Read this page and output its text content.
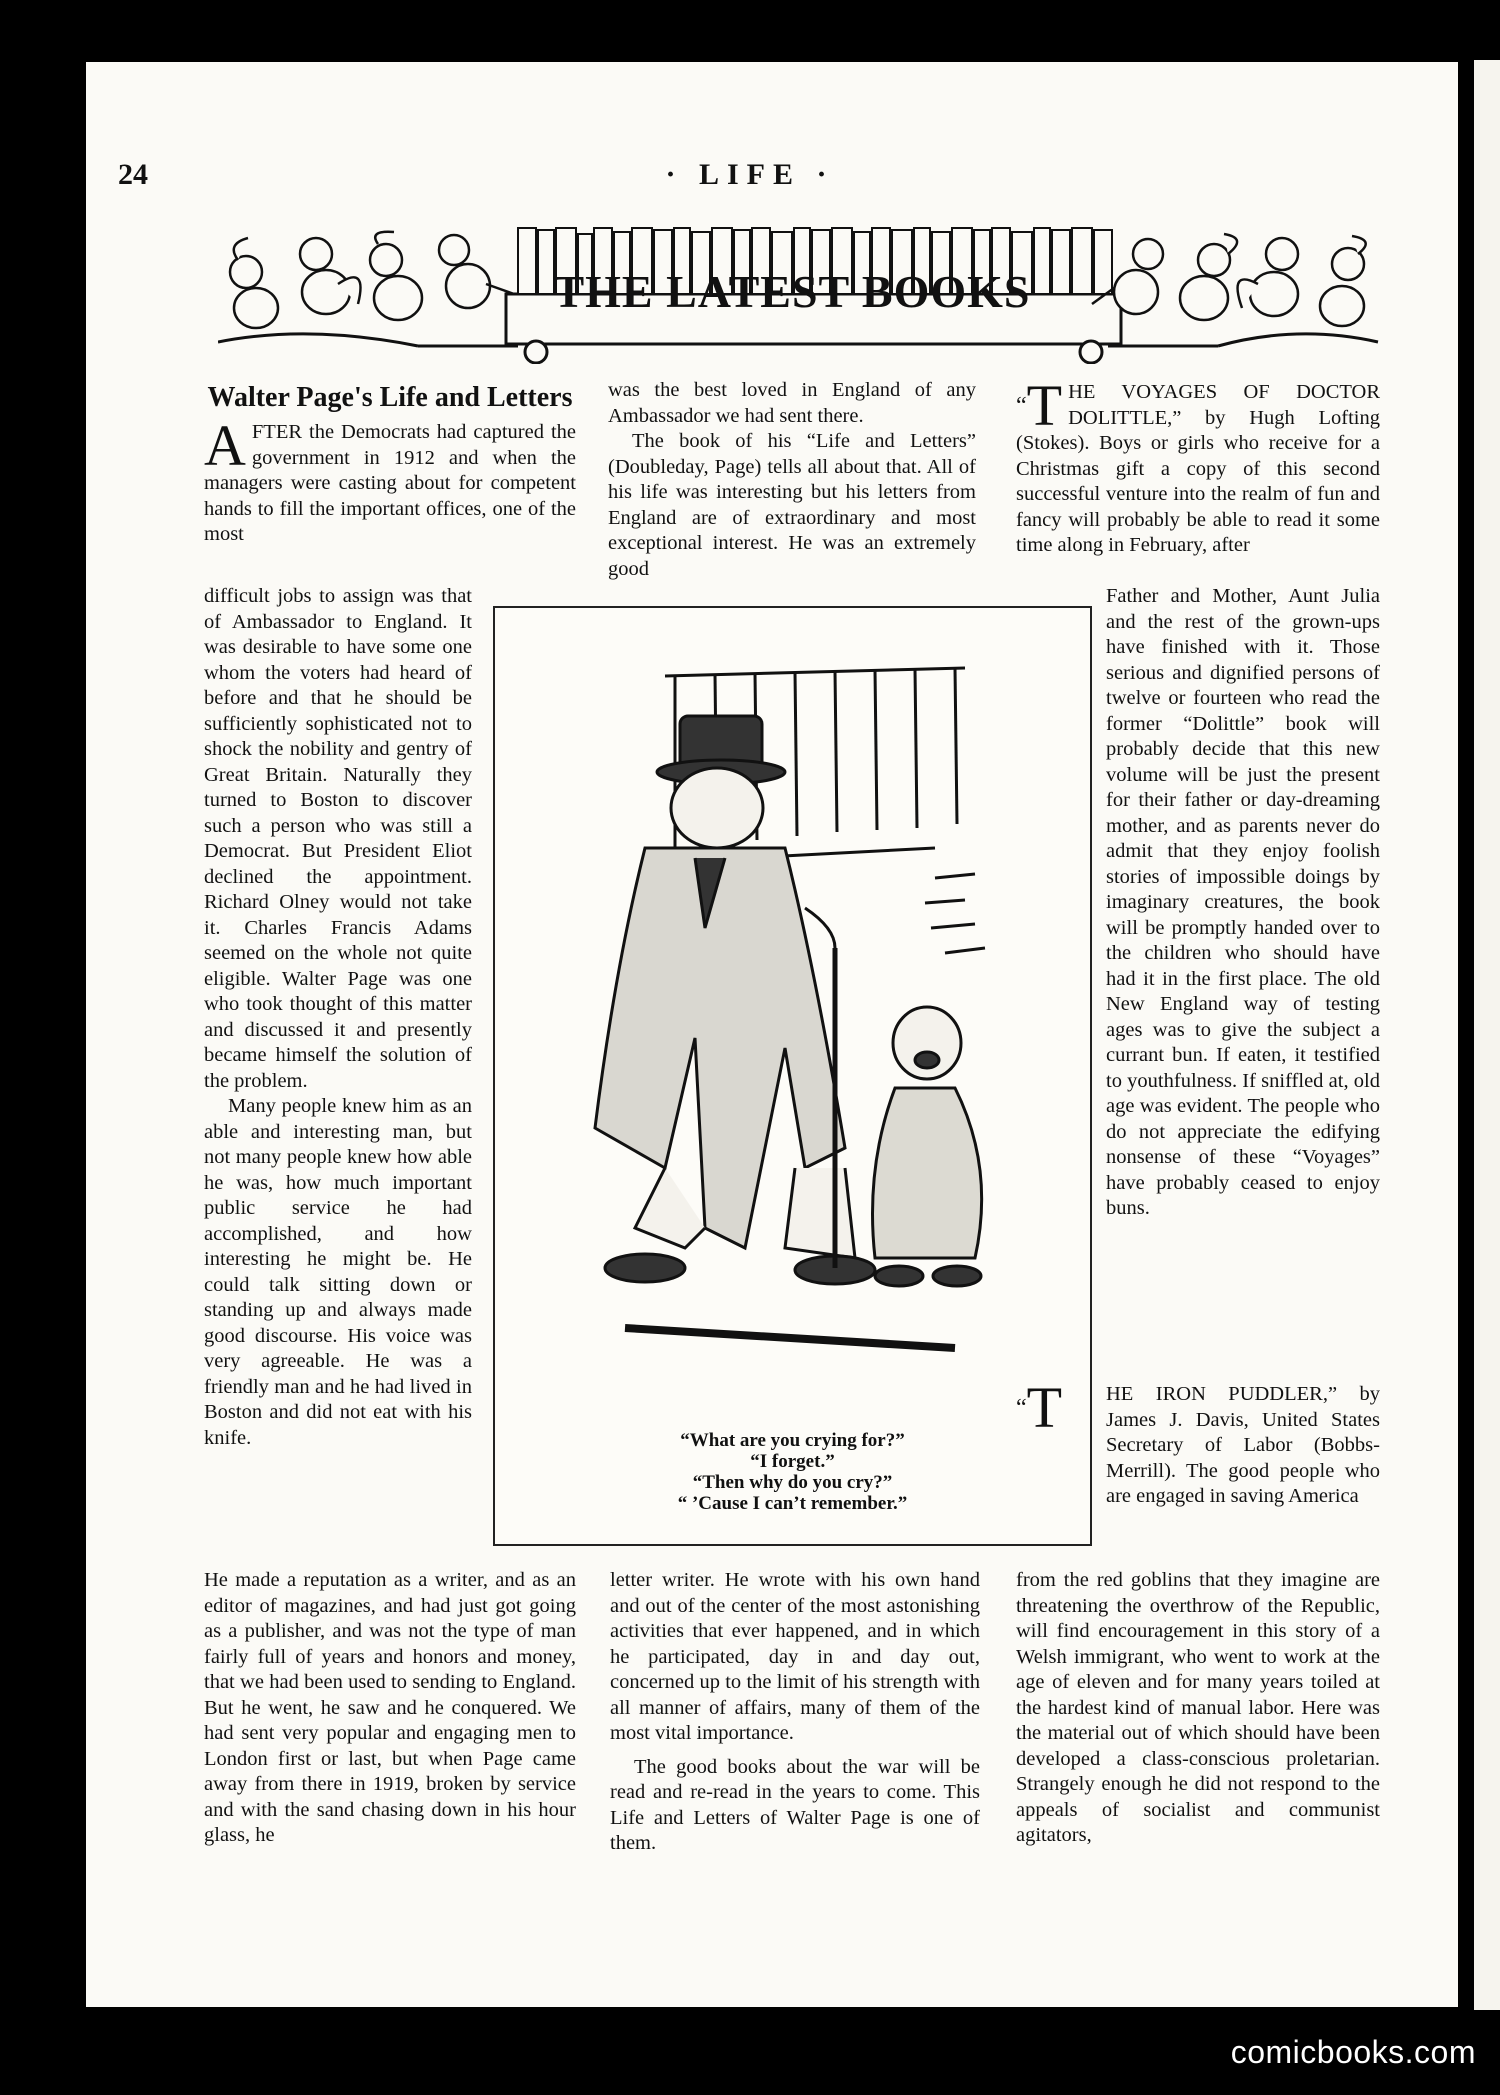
24	· LIFE ·
THE LATEST BOOKS
Walter Page's Life and Letters

AFTER the Democrats had captured the government in 1912 and when the managers were casting about for competent hands to fill the important offices, one of the most

difficult jobs to assign was that of Ambassador to England. It was desirable to have some one whom the voters had heard of before and that he should be sufficiently sophisticated not to shock the nobility and gentry of Great Britain. Naturally they turned to Boston to discover such a person who was still a Democrat. But President Eliot declined the appointment. Richard Olney would not take it. Charles Francis Adams seemed on the whole not quite eligible. Walter Page was one who took thought of this matter and discussed it and presently became himself the solution of the problem.

Many people knew him as an able and interesting man, but not many people knew how able he was, how much important public service he had accomplished, and how interesting he might be. He could talk sitting down or standing up and always made good discourse. His voice was very agreeable. He was a friendly man and he had lived in Boston and did not eat with his knife.

He made a reputation as a writer, and as an editor of magazines, and had just got going as a publisher, and was not the type of man fairly full of years and honors and money, that we had been used to sending to England. But he went, he saw and he conquered. We had sent very popular and engaging men to London first or last, but when Page came away from there in 1919, broken by service and with the sand chasing down in his hour glass, he

was the best loved in England of any Ambassador we had sent there.

The book of his “Life and Letters” (Doubleday, Page) tells all about that. All of his life was interesting but his letters from England are of extraordinary and most exceptional interest. He was an extremely good

letter writer. He wrote with his own hand and out of the center of the most astonishing activities that ever happened, and in which he participated, day in and day out, concerned up to the limit of his strength with all manner of affairs, many of them of the most vital importance.

The good books about the war will be read and re-read in the years to come. This Life and Letters of Walter Page is one of them.

“What are you crying for?”
“I forget.”
“Then why do you cry?”
“ ’Cause I can’t remember.”

“T HE VOYAGES OF DOCTOR DOLITTLE,” by Hugh Lofting (Stokes). Boys or girls who receive for a Christmas gift a copy of this second successful venture into the realm of fun and fancy will probably be able to read it some time along in February, after

Father and Mother, Aunt Julia and the rest of the grown-ups have finished with it. Those serious and dignified persons of twelve or fourteen who read the former “Dolittle” book will probably decide that this new volume will be just the present for their father or day-dreaming mother, and as parents never do admit that they enjoy foolish stories of impossible doings by imaginary creatures, the book will be promptly handed over to the children who should have had it in the first place. The old New England way of testing ages was to give the subject a currant bun. If eaten, it testified to youthfulness. If sniffled at, old age was evident. The people who do not appreciate the edifying nonsense of these “Voyages” have probably ceased to enjoy buns.

“T HE IRON PUDDLER,” by James J. Davis, United States Secretary of Labor (Bobbs-Merrill). The good people who are engaged in saving America

from the red goblins that they imagine are threatening the overthrow of the Republic, will find encouragement in this story of a Welsh immigrant, who went to work at the age of eleven and for many years toiled at the hardest kind of manual labor. Here was the material out of which should have been developed a class-conscious proletarian. Strangely enough he did not respond to the appeals of socialist and communist agitators,

comicbooks.com
